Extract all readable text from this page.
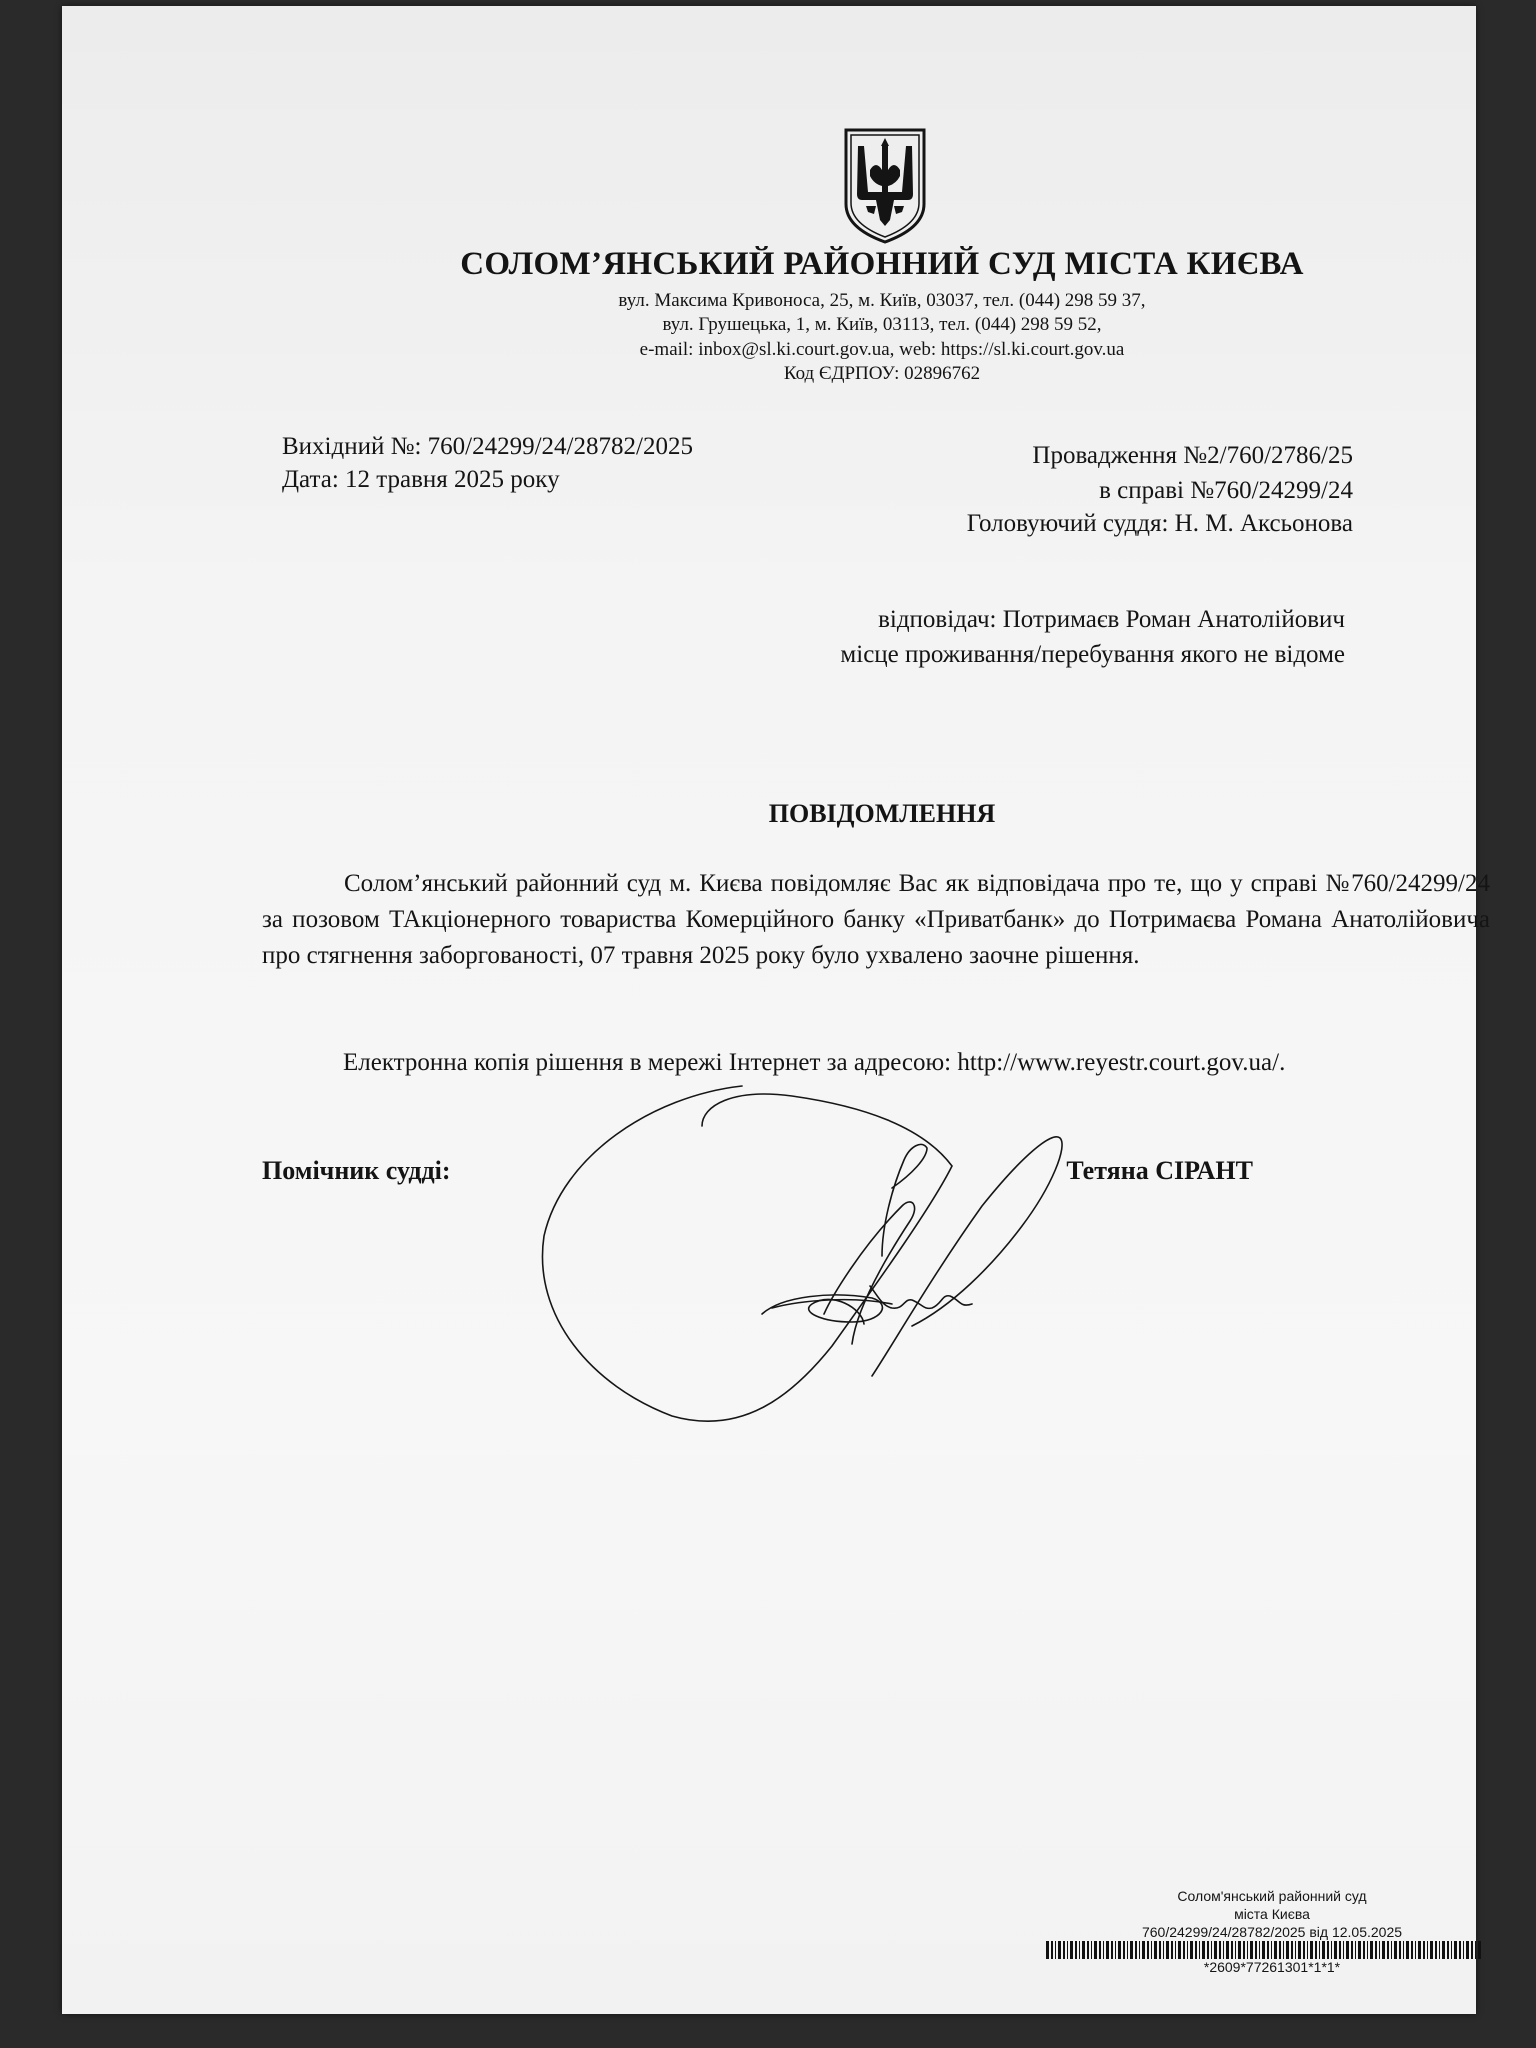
СОЛОМ’ЯНСЬКИЙ РАЙОННИЙ СУД МІСТА КИЄВА
вул. Максима Кривоноса, 25, м. Київ, 03037, тел. (044) 298 59 37,
вул. Грушецька, 1, м. Київ, 03113, тел. (044) 298 59 52,
e-mail: inbox@sl.ki.court.gov.ua, web: https://sl.ki.court.gov.ua
Код ЄДРПОУ: 02896762
Вихідний №: 760/24299/24/28782/2025
Дата: 12 травня 2025 року
Провадження №2/760/2786/25
в справі №760/24299/24
Головуючий суддя: Н. М. Аксьонова
відповідач: Потримаєв Роман Анатолійович
місце проживання/перебування якого не відоме
ПОВІДОМЛЕННЯ

Солом’янський районний суд м. Києва повідомляє Вас як відповідача про те, що у справі №760/24299/24 за позовом ТАкціонерного товариства Комерційного банку «Приватбанк» до Потримаєва Романа Анатолійовича про стягнення заборгованості, 07 травня 2025 року було ухвалено заочне рішення.

Електронна копія рішення в мережі Інтернет за адресою: http://www.reyestr.court.gov.ua/.
Помічник судді:	Тетяна СІРАНТ
Солом'янський районний суд
міста Києва
760/24299/24/28782/2025 від 12.05.2025
*2609*77261301*1*1*
